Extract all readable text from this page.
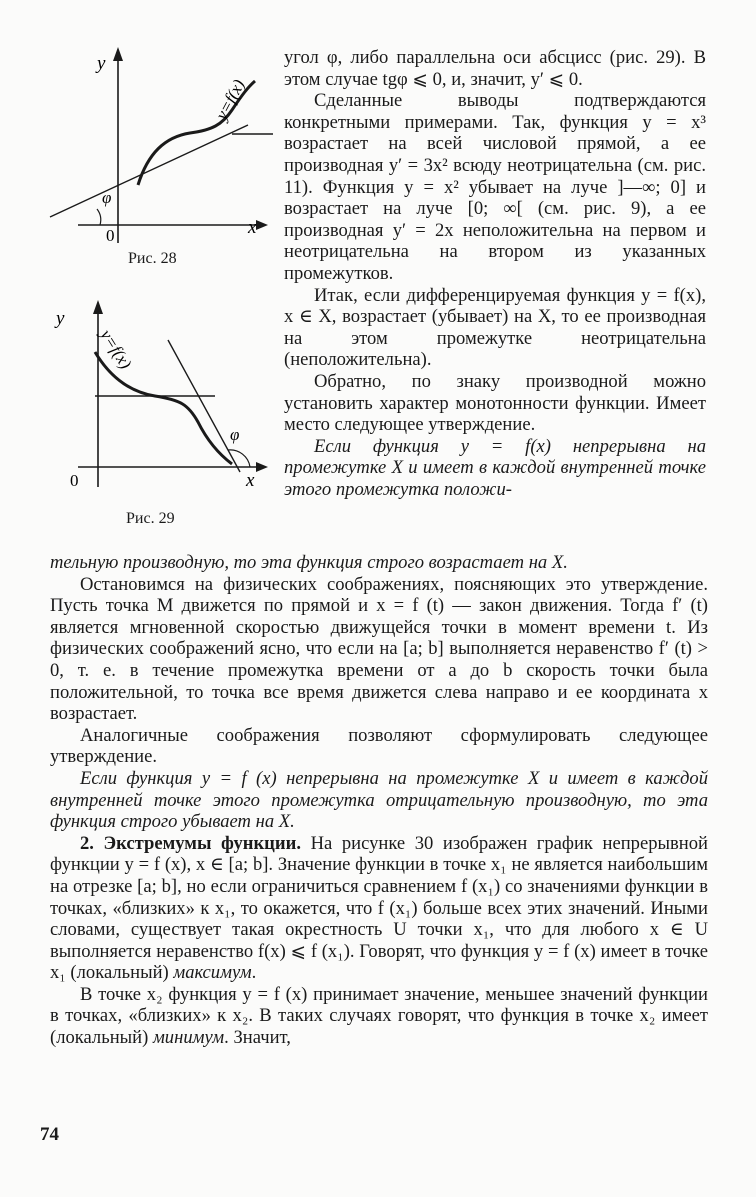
y
x
0
φ
y=f(x)
Рис. 28
y
x
0
φ
y=f(x)
Рис. 29

угол φ, либо параллельна оси абсцисс (рис. 29). В этом случае tgφ ⩽ 0, и, значит, y′ ⩽ 0.

Сделанные выводы подтверждаются конкретными примерами. Так, функция y = x³ возрастает на всей числовой прямой, а ее производная y′ = 3x² всюду неотрицательна (см. рис. 11). Функция y = x² убывает на луче ]—∞; 0] и возрастает на луче [0; ∞[ (см. рис. 9), а ее производная y′ = 2x неположительна на первом и неотрицательна на втором из указанных промежутков.

Итак, если дифференцируемая функция y = f(x), x ∈ X, возрастает (убывает) на X, то ее производная на этом промежутке неотрицательна (неположительна).

Обратно, по знаку производной можно установить характер монотонности функции. Имеет место следующее утверждение.

Если функция y = f(x) непрерывна на промежутке X и имеет в каждой внутренней точке этого промежутка положи-

тельную производную, то эта функция строго возрастает на X.

Остановимся на физических соображениях, поясняющих это утверждение. Пусть точка M движется по прямой и x = f (t) — закон движения. Тогда f′ (t) является мгновенной скоростью движущейся точки в момент времени t. Из физических соображений ясно, что если на [a; b] выполняется неравенство f′ (t) > 0, т. е. в течение промежутка времени от a до b скорость точки была положительной, то точка все время движется слева направо и ее координата x возрастает.

Аналогичные соображения позволяют сформулировать следующее утверждение.

Если функция y = f (x) непрерывна на промежутке X и имеет в каждой внутренней точке этого промежутка отрицательную производную, то эта функция строго убывает на X.

2. Экстремумы функции. На рисунке 30 изображен график непрерывной функции y = f (x), x ∈ [a; b]. Значение функции в точке x₁ не является наибольшим на отрезке [a; b], но если ограничиться сравнением f (x₁) со значениями функции в точках, «близких» к x₁, то окажется, что f (x₁) больше всех этих значений. Иными словами, существует такая окрестность U точки x₁, что для любого x ∈ U выполняется неравенство f(x) ⩽ f (x₁). Говорят, что функция y = f (x) имеет в точке x₁ (локальный) максимум.

В точке x₂ функция y = f (x) принимает значение, меньшее значений функции в точках, «близких» к x₂. В таких случаях говорят, что функция в точке x₂ имеет (локальный) минимум. Значит,

74
